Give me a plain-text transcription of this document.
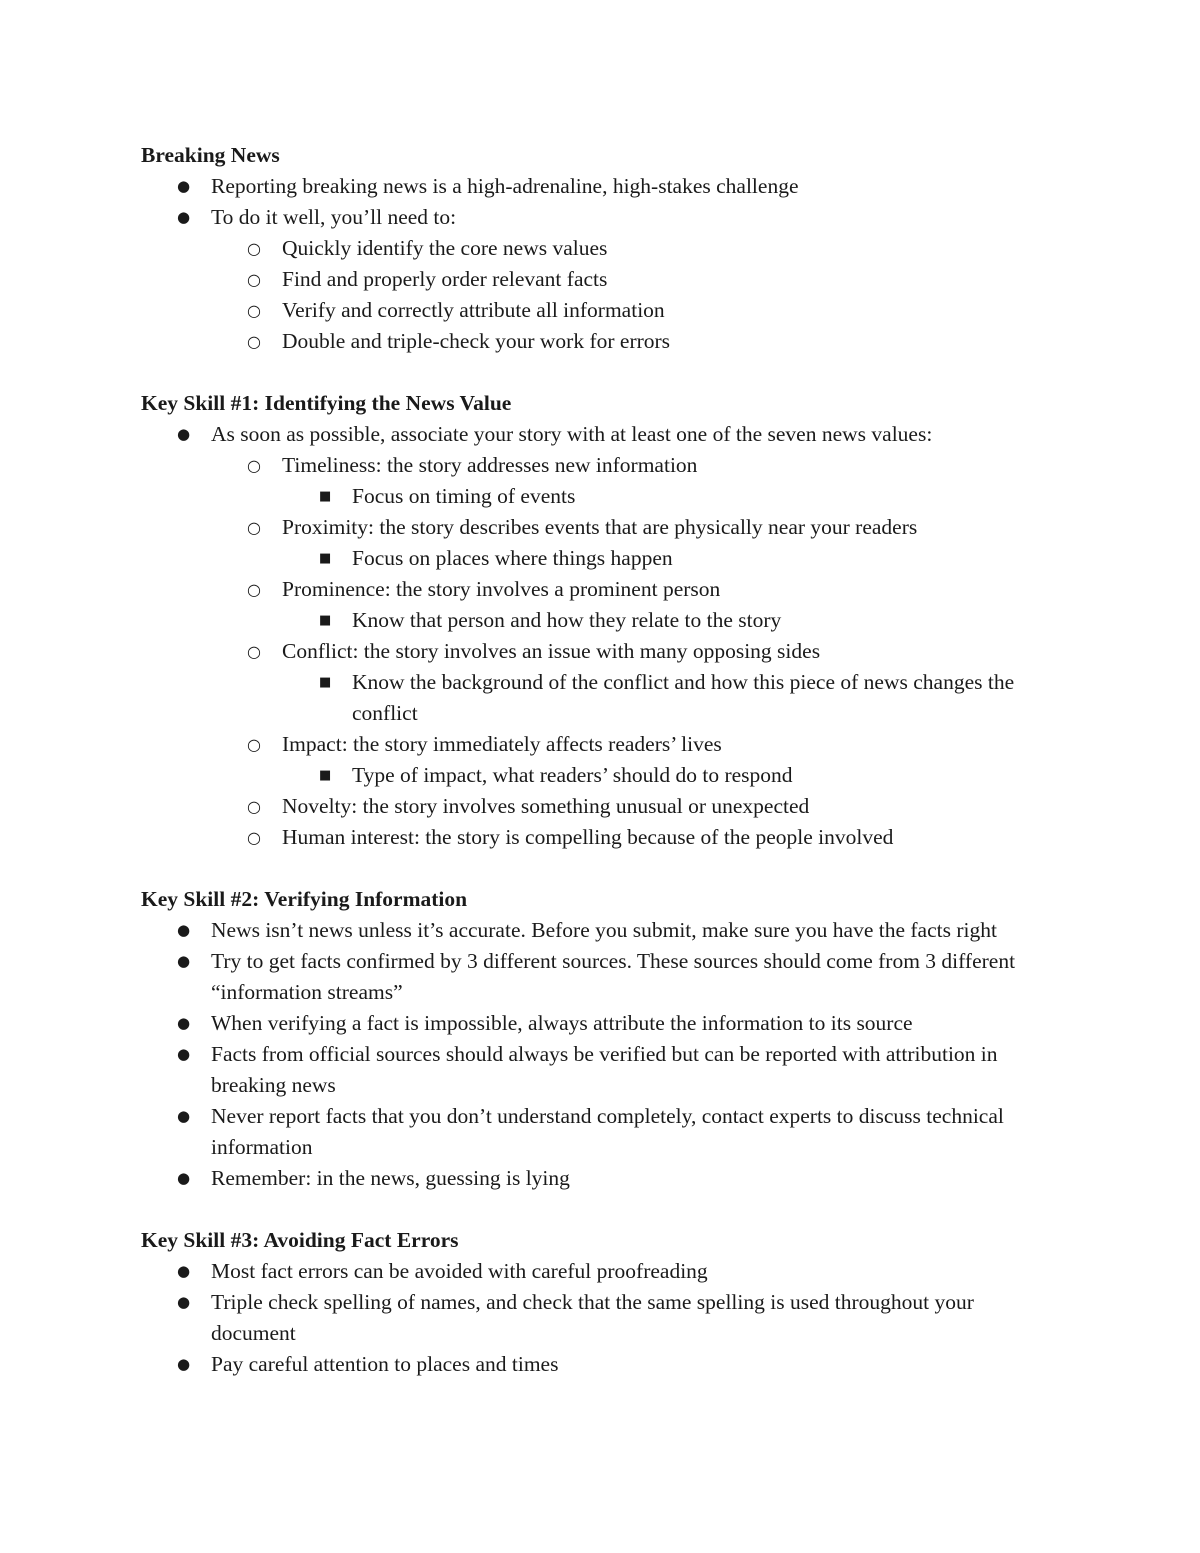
Breaking News
● Reporting breaking news is a high-adrenaline, high-stakes challenge
● To do it well, you’ll need to:
○ Quickly identify the core news values
○ Find and properly order relevant facts
○ Verify and correctly attribute all information
○ Double and triple-check your work for errors
Key Skill #1: Identifying the News Value
● As soon as possible, associate your story with at least one of the seven news values:
○ Timeliness: the story addresses new information
■ Focus on timing of events
○ Proximity: the story describes events that are physically near your readers
■ Focus on places where things happen
○ Prominence: the story involves a prominent person
■ Know that person and how they relate to the story
○ Conflict: the story involves an issue with many opposing sides
■ Know the background of the conflict and how this piece of news changes the conflict
○ Impact: the story immediately affects readers’ lives
■ Type of impact, what readers’ should do to respond
○ Novelty: the story involves something unusual or unexpected
○ Human interest: the story is compelling because of the people involved
Key Skill #2: Verifying Information
● News isn’t news unless it’s accurate. Before you submit, make sure you have the facts right
● Try to get facts confirmed by 3 different sources. These sources should come from 3 different “information streams”
● When verifying a fact is impossible, always attribute the information to its source
● Facts from official sources should always be verified but can be reported with attribution in breaking news
● Never report facts that you don’t understand completely, contact experts to discuss technical information
● Remember: in the news, guessing is lying
Key Skill #3: Avoiding Fact Errors
● Most fact errors can be avoided with careful proofreading
● Triple check spelling of names, and check that the same spelling is used throughout your document
● Pay careful attention to places and times
